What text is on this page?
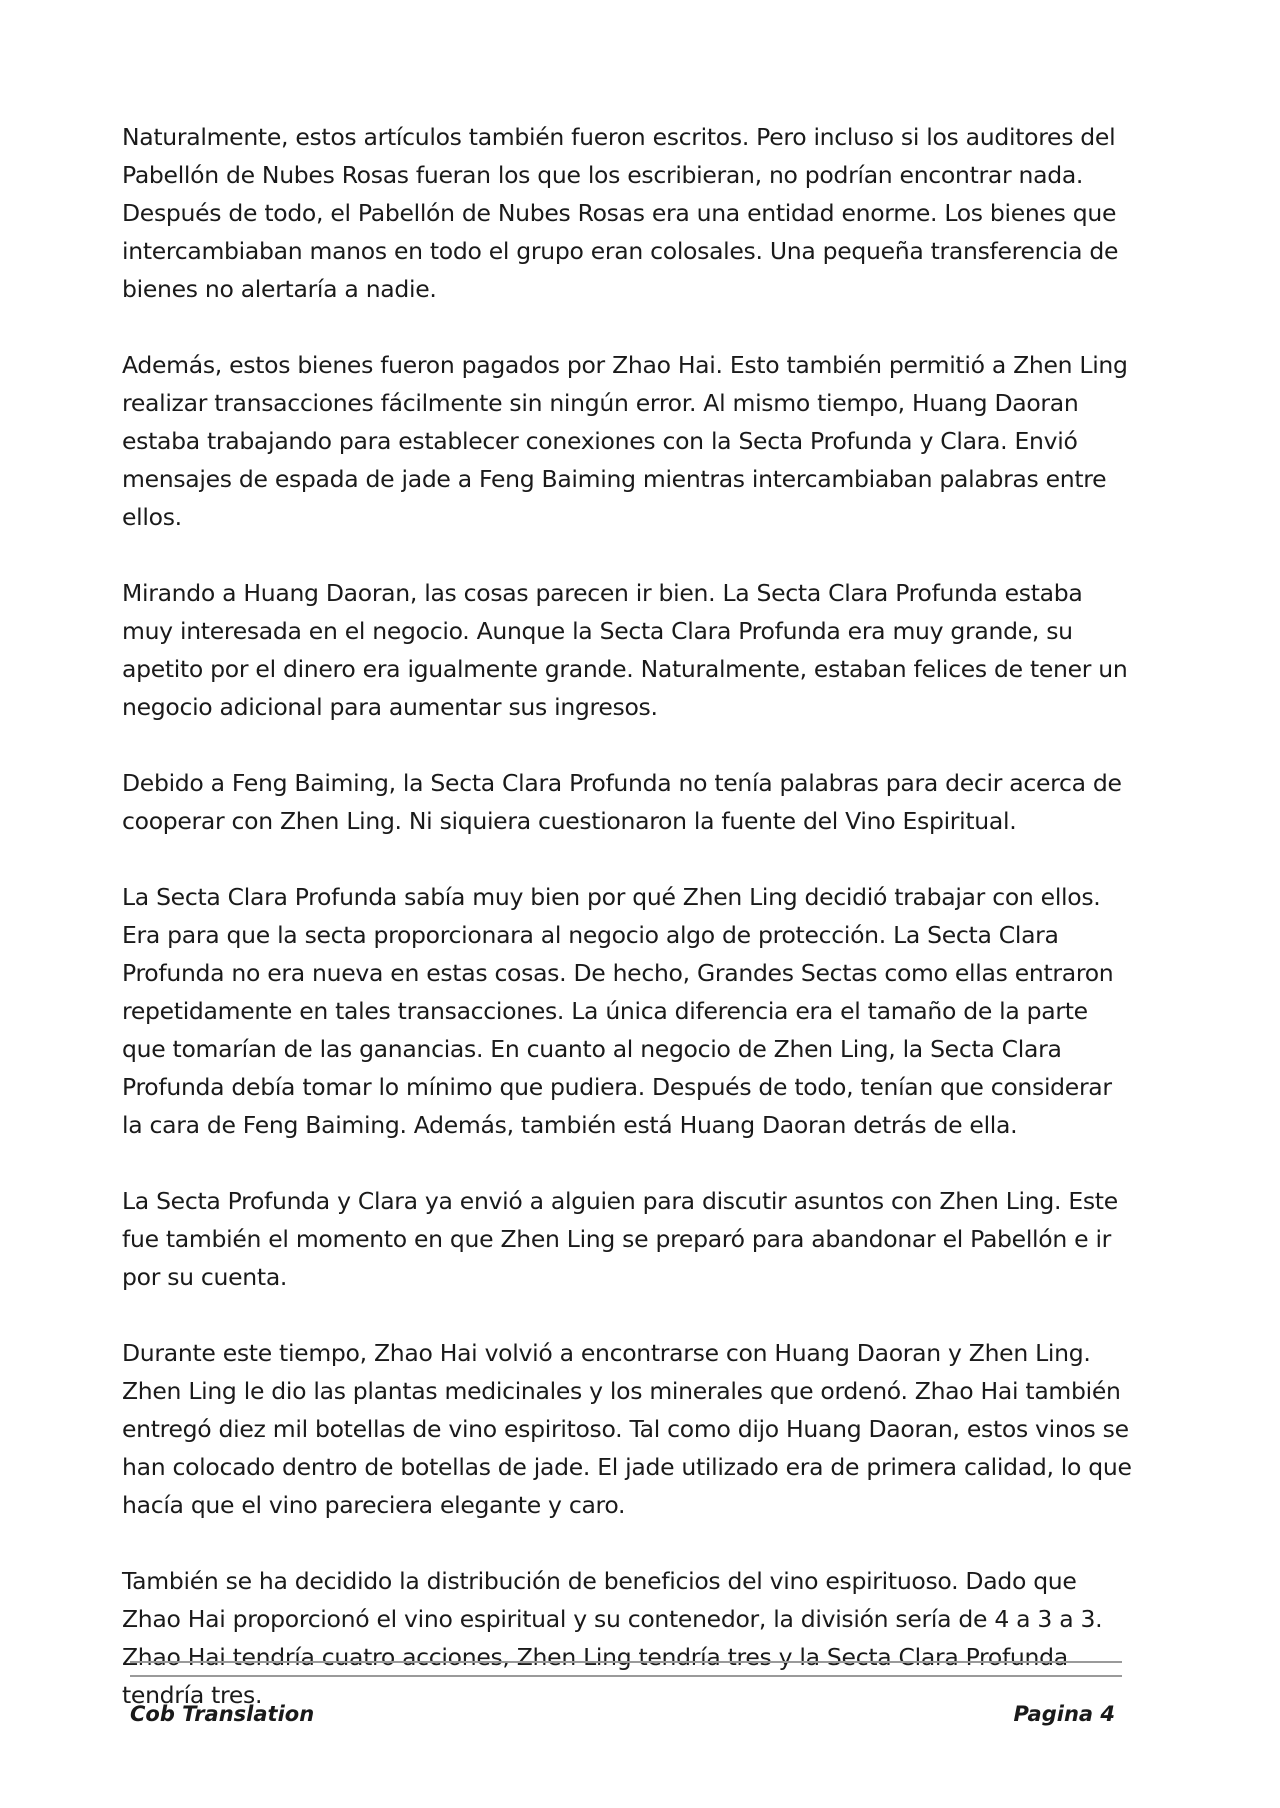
Naturalmente, estos artículos también fueron escritos. Pero incluso si los auditores del Pabellón de Nubes Rosas fueran los que los escribieran, no podrían encontrar nada. Después de todo, el Pabellón de Nubes Rosas era una entidad enorme. Los bienes que intercambiaban manos en todo el grupo eran colosales. Una pequeña transferencia de bienes no alertaría a nadie.

Además, estos bienes fueron pagados por Zhao Hai. Esto también permitió a Zhen Ling realizar transacciones fácilmente sin ningún error. Al mismo tiempo, Huang Daoran estaba trabajando para establecer conexiones con la Secta Profunda y Clara. Envió mensajes de espada de jade a Feng Baiming mientras intercambiaban palabras entre ellos.

Mirando a Huang Daoran, las cosas parecen ir bien. La Secta Clara Profunda estaba muy interesada en el negocio. Aunque la Secta Clara Profunda era muy grande, su apetito por el dinero era igualmente grande. Naturalmente, estaban felices de tener un negocio adicional para aumentar sus ingresos.

Debido a Feng Baiming, la Secta Clara Profunda no tenía palabras para decir acerca de cooperar con Zhen Ling. Ni siquiera cuestionaron la fuente del Vino Espiritual.

La Secta Clara Profunda sabía muy bien por qué Zhen Ling decidió trabajar con ellos. Era para que la secta proporcionara al negocio algo de protección. La Secta Clara Profunda no era nueva en estas cosas. De hecho, Grandes Sectas como ellas entraron repetidamente en tales transacciones. La única diferencia era el tamaño de la parte que tomarían de las ganancias. En cuanto al negocio de Zhen Ling, la Secta Clara Profunda debía tomar lo mínimo que pudiera. Después de todo, tenían que considerar la cara de Feng Baiming. Además, también está Huang Daoran detrás de ella.

La Secta Profunda y Clara ya envió a alguien para discutir asuntos con Zhen Ling. Este fue también el momento en que Zhen Ling se preparó para abandonar el Pabellón e ir por su cuenta.

Durante este tiempo, Zhao Hai volvió a encontrarse con Huang Daoran y Zhen Ling. Zhen Ling le dio las plantas medicinales y los minerales que ordenó. Zhao Hai también entregó diez mil botellas de vino espiritoso. Tal como dijo Huang Daoran, estos vinos se han colocado dentro de botellas de jade. El jade utilizado era de primera calidad, lo que hacía que el vino pareciera elegante y caro.

También se ha decidido la distribución de beneficios del vino espirituoso. Dado que Zhao Hai proporcionó el vino espiritual y su contenedor, la división sería de 4 a 3 a 3. Zhao Hai tendría cuatro acciones, Zhen Ling tendría tres y la Secta Clara Profunda tendría tres.

Cob Translation	Pagina 4
